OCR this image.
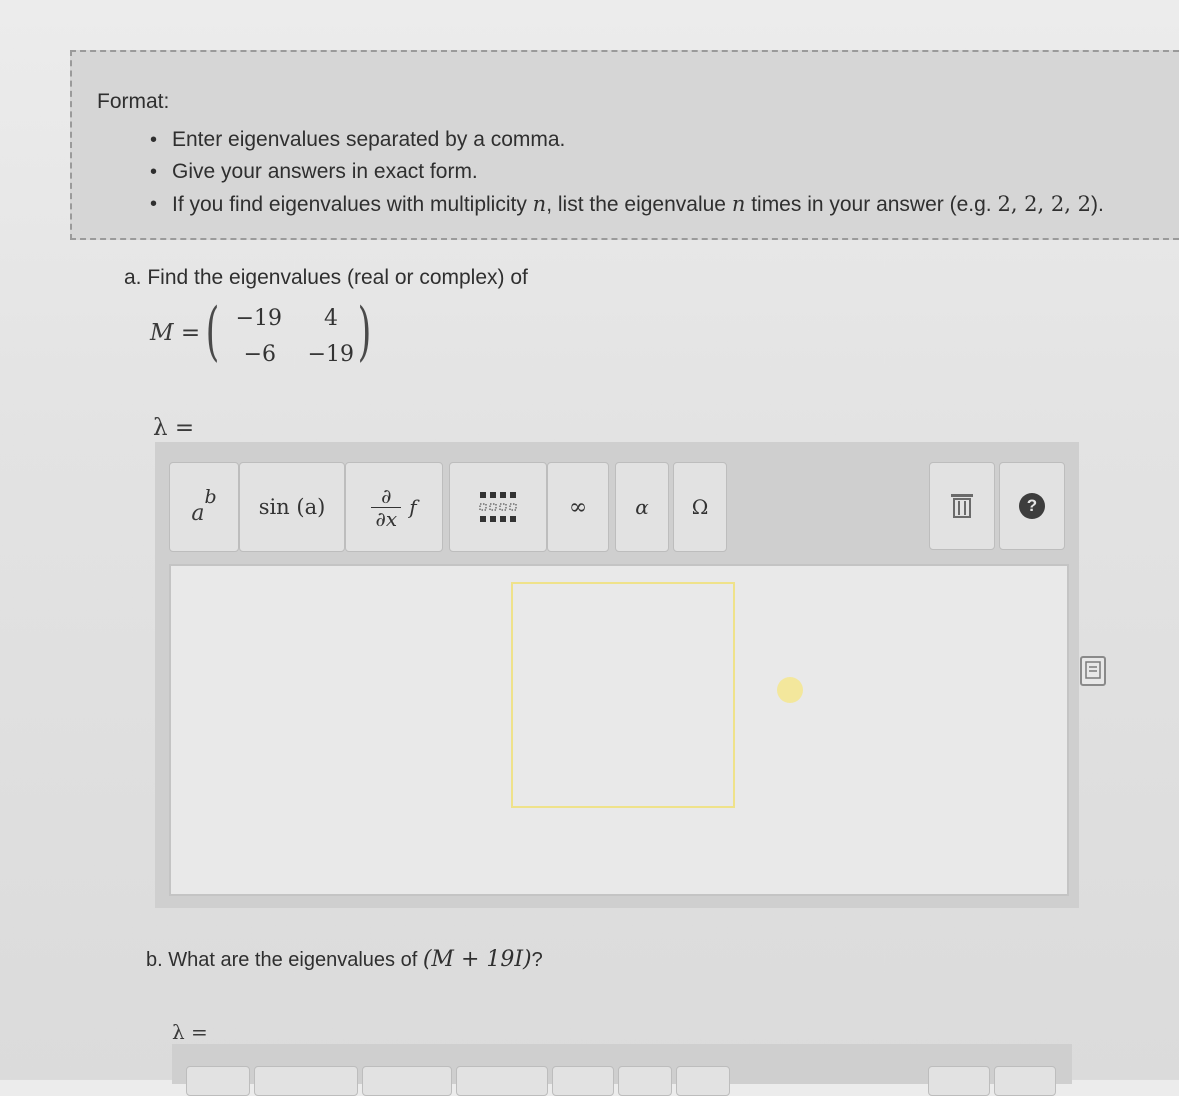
Format:
• Enter eigenvalues separated by a comma.
• Give your answers in exact form.
• If you find eigenvalues with multiplicity n, list the eigenvalue n times in your answer (e.g. 2, 2, 2, 2).
a. Find the eigenvalues (real or complex) of
M = ( −19	4
−6 −19 )
λ =
a
b	sin (a)	∂
∂x f	∞	α	Ω	?
b. What are the eigenvalues of (M + 19I)?
λ =
